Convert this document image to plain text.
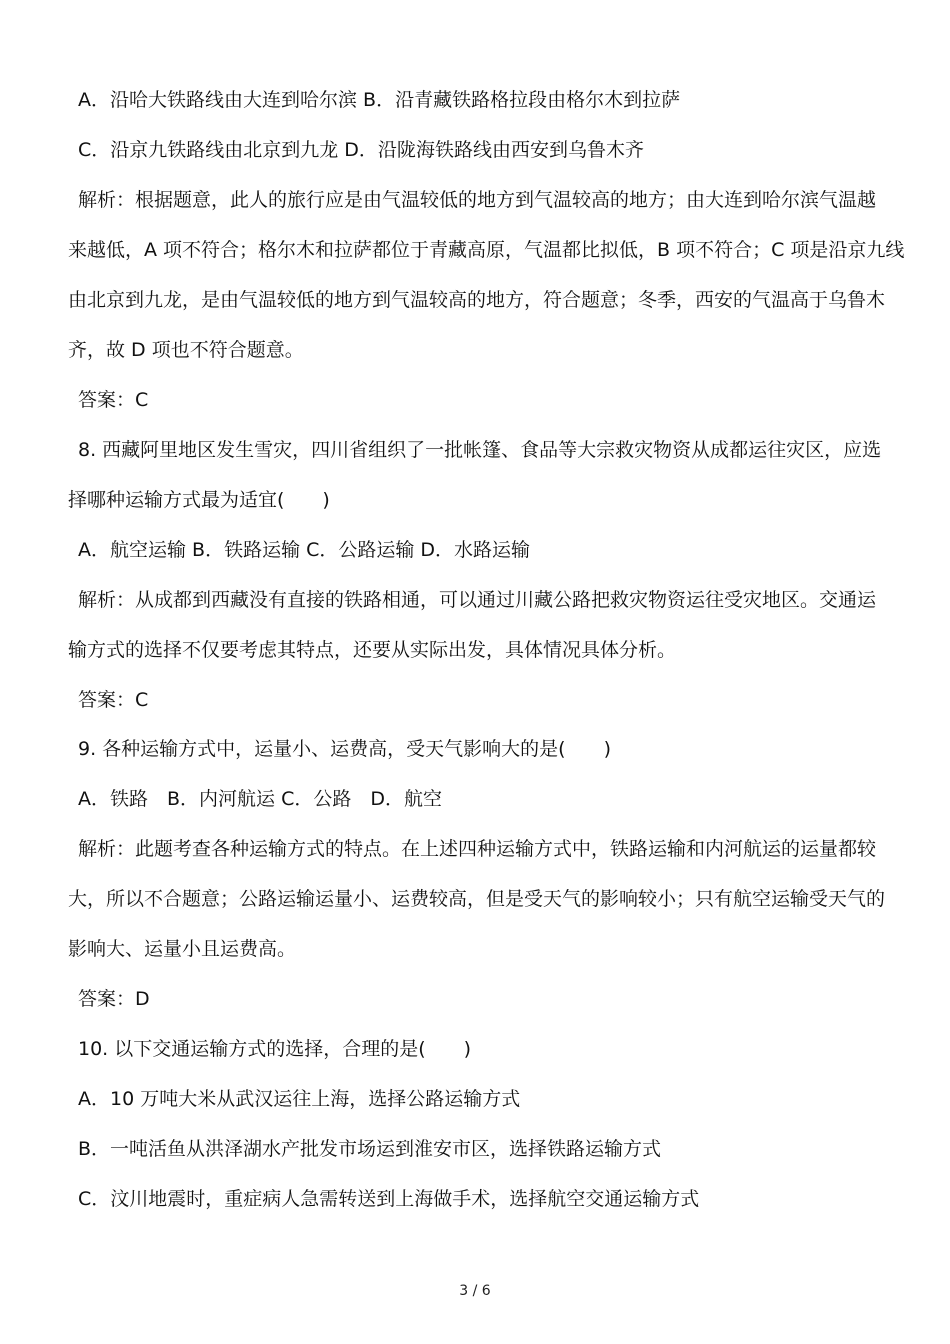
A．沿哈大铁路线由大连到哈尔滨 B．沿青藏铁路格拉段由格尔木到拉萨
C．沿京九铁路线由北京到九龙 D．沿陇海铁路线由西安到乌鲁木齐
解析：根据题意，此人的旅行应是由气温较低的地方到气温较高的地方；由大连到哈尔滨气温越
来越低，A 项不符合；格尔木和拉萨都位于青藏高原，气温都比拟低，B 项不符合；C 项是沿京九线
由北京到九龙，是由气温较低的地方到气温较高的地方，符合题意；冬季，西安的气温高于乌鲁木
齐，故 D 项也不符合题意。
答案：C
8. 西藏阿里地区发生雪灾，四川省组织了一批帐篷、食品等大宗救灾物资从成都运往灾区，应选
择哪种运输方式最为适宜(　　)
A．航空运输 B．铁路运输 C．公路运输 D．水路运输
解析：从成都到西藏没有直接的铁路相通，可以通过川藏公路把救灾物资运往受灾地区。交通运
输方式的选择不仅要考虑其特点，还要从实际出发，具体情况具体分析。
答案：C
9. 各种运输方式中，运量小、运费高，受天气影响大的是(　　)
A．铁路　B．内河航运 C．公路　D．航空
解析：此题考查各种运输方式的特点。在上述四种运输方式中，铁路运输和内河航运的运量都较
大，所以不合题意；公路运输运量小、运费较高，但是受天气的影响较小；只有航空运输受天气的
影响大、运量小且运费高。
答案：D
10. 以下交通运输方式的选择，合理的是(　　)
A．10 万吨大米从武汉运往上海，选择公路运输方式
B．一吨活鱼从洪泽湖水产批发市场运到淮安市区，选择铁路运输方式
C．汶川地震时，重症病人急需转送到上海做手术，选择航空交通运输方式
3 / 6
